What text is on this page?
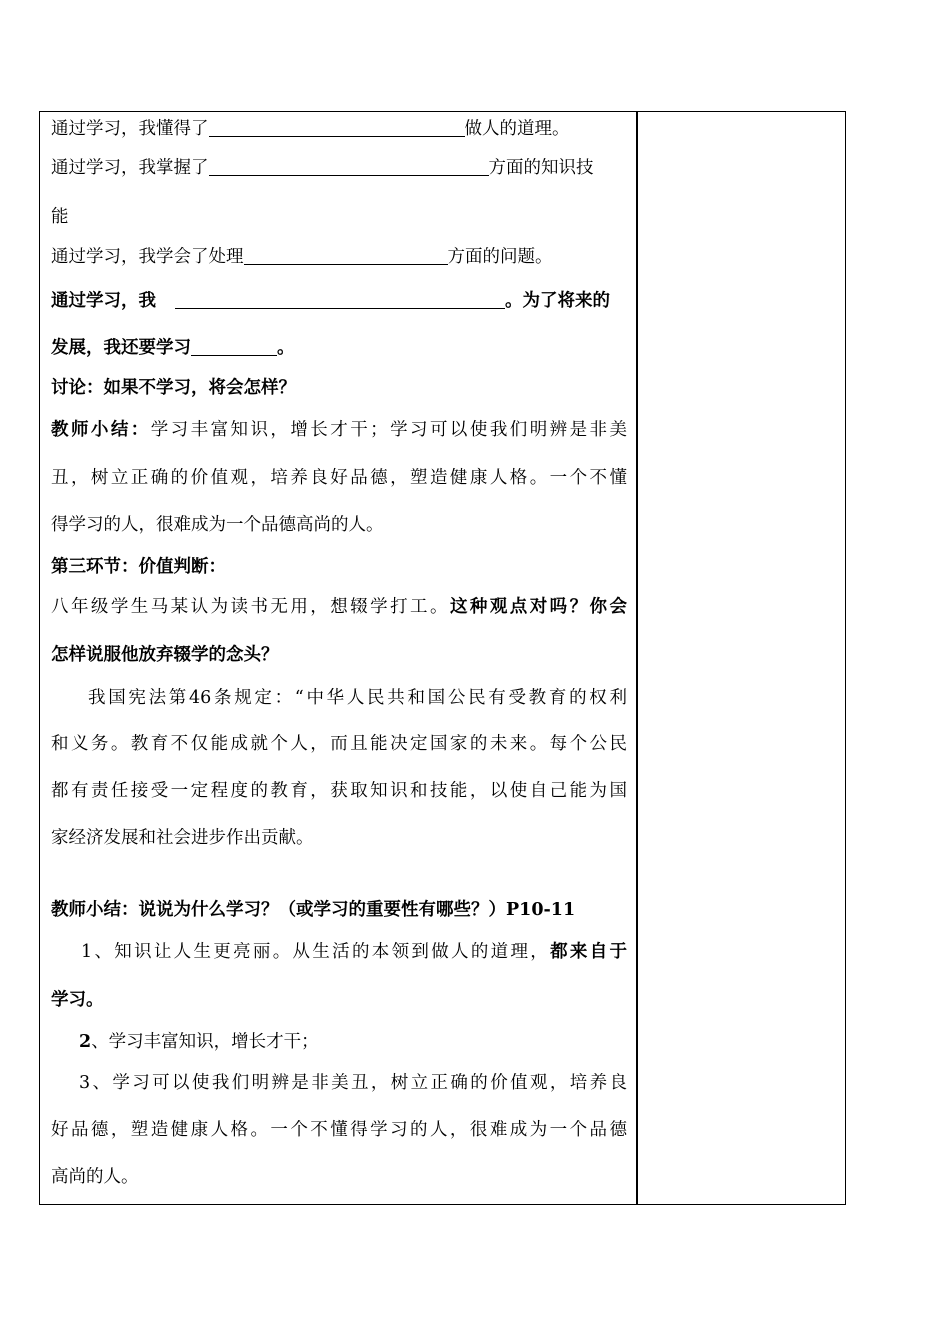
通过学习，我懂得了	做人的道理。
通过学习，我掌握了	方面的知识技
能
通过学习，我学会了处理	方面的问题。
通过学习，我	。为了将来的
发展，我还要学习	。
讨论：如果不学习，将会怎样？
教师小结：学习丰富知识，增长才干；学习可以使我们明辨是非美
丑，树立正确的价值观，培养良好品德，塑造健康人格。一个不懂
得学习的人，很难成为一个品德高尚的人。
第三环节：价值判断：
八年级学生马某认为读书无用，想辍学打工。这种观点对吗？你会
怎样说服他放弃辍学的念头？
我国宪法第46条规定：“中华人民共和国公民有受教育的权利
和义务。教育不仅能成就个人，而且能决定国家的未来。每个公民
都有责任接受一定程度的教育，获取知识和技能，以使自己能为国
家经济发展和社会进步作出贡献。
教师小结：说说为什么学习？（或学习的重要性有哪些？）P10-11
1、知识让人生更亮丽。从生活的本领到做人的道理，都来自于
学习。
2、学习丰富知识，增长才干；
3、学习可以使我们明辨是非美丑，树立正确的价值观，培养良
好品德，塑造健康人格。一个不懂得学习的人，很难成为一个品德
高尚的人。
